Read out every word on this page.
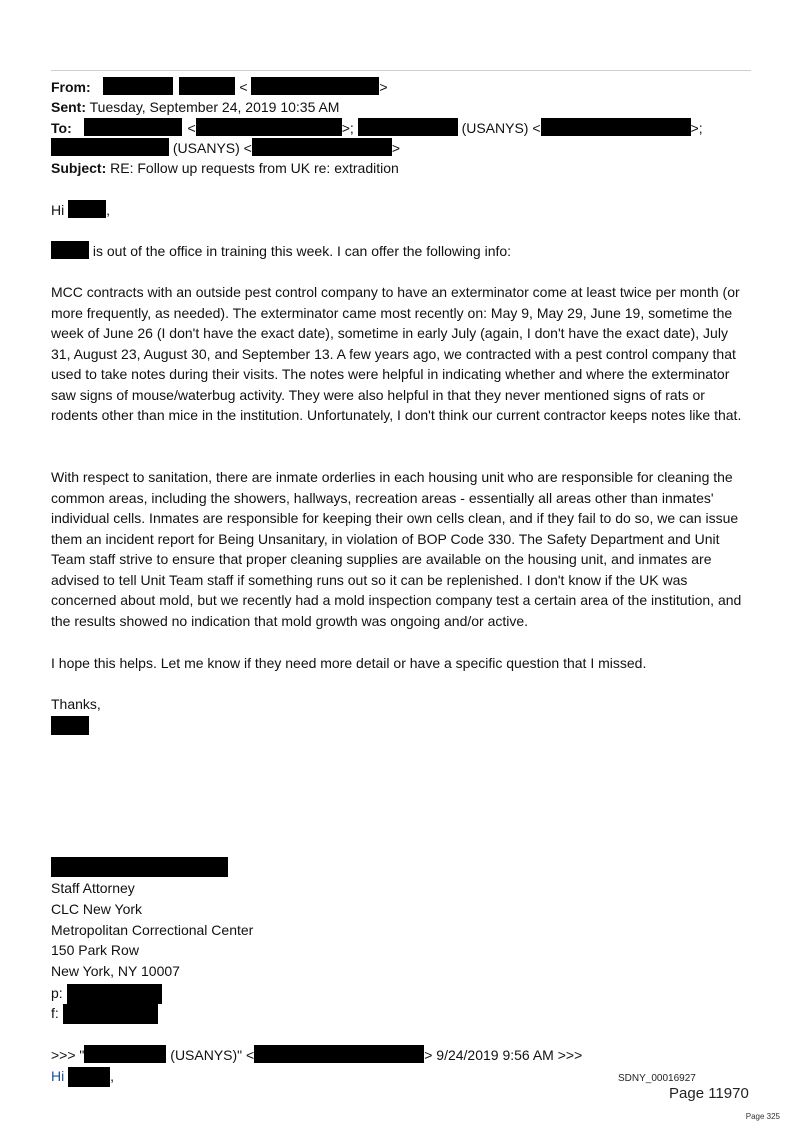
From:	<	>
Sent: Tuesday, September 24, 2019 10:35 AM
To:	<	>;	(USANYS) <	>;
(USANYS) <	>
Subject: RE: Follow up requests from UK re: extradition
Hi	,
is out of the office in training this week. I can offer the following info:

MCC contracts with an outside pest control company to have an exterminator come at least twice per month (or more frequently, as needed). The exterminator came most recently on: May 9, May 29, June 19, sometime the week of June 26 (I don't have the exact date), sometime in early July (again, I don't have the exact date), July 31, August 23, August 30, and September 13. A few years ago, we contracted with a pest control company that used to take notes during their visits. The notes were helpful in indicating whether and where the exterminator saw signs of mouse/waterbug activity. They were also helpful in that they never mentioned signs of rats or rodents other than mice in the institution. Unfortunately, I don't think our current contractor keeps notes like that.

With respect to sanitation, there are inmate orderlies in each housing unit who are responsible for cleaning the common areas, including the showers, hallways, recreation areas - essentially all areas other than inmates' individual cells. Inmates are responsible for keeping their own cells clean, and if they fail to do so, we can issue them an incident report for Being Unsanitary, in violation of BOP Code 330. The Safety Department and Unit Team staff strive to ensure that proper cleaning supplies are available on the housing unit, and inmates are advised to tell Unit Team staff if something runs out so it can be replenished. I don't know if the UK was concerned about mold, but we recently had a mold inspection company test a certain area of the institution, and the results showed no indication that mold growth was ongoing and/or active.

I hope this helps. Let me know if they need more detail or have a specific question that I missed.

Thanks,
Staff Attorney
CLC New York
Metropolitan Correctional Center
150 Park Row
New York, NY 10007
p:
f:
>>> "	(USANYS)" <	> 9/24/2019 9:56 AM >>>
Hi	,	SDNY_00016927
Page 11970
Page 325
